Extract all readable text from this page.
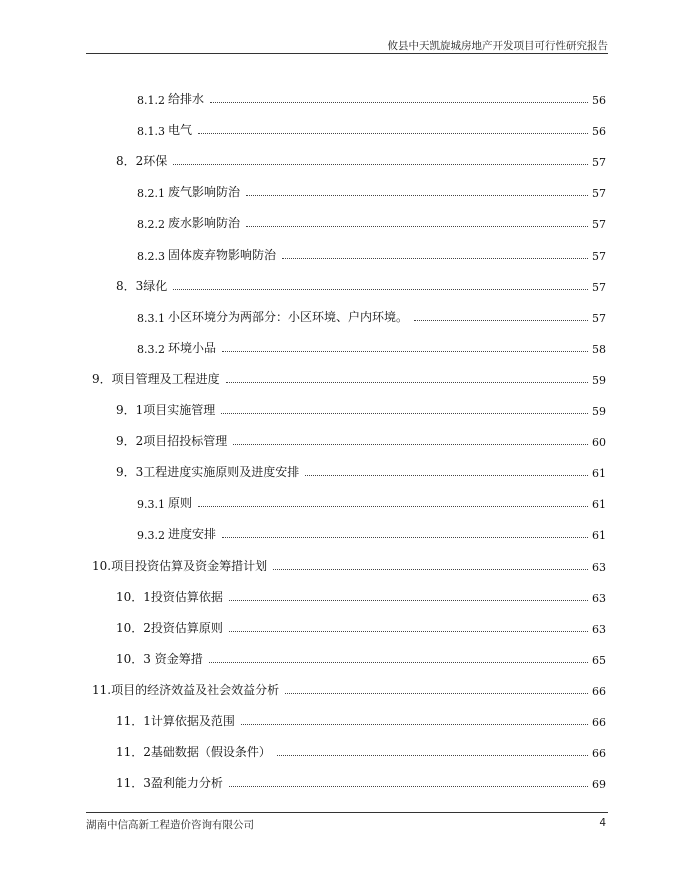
攸县中天凯旋城房地产开发项目可行性研究报告
8.1.2 给排水	56
8.1.3 电气	56
8．2环保	57
8.2.1 废气影响防治	57
8.2.2 废水影响防治	57
8.2.3 固体废弃物影响防治	57
8．3绿化	57
8.3.1 小区环境分为两部分：小区环境、户内环境。	57
8.3.2 环境小品	58
9．项目管理及工程进度	59
9．1项目实施管理	59
9．2项目招投标管理	60
9．3工程进度实施原则及进度安排	61
9.3.1 原则	61
9.3.2 进度安排	61
10.项目投资估算及资金筹措计划	63
10．1投资估算依据	63
10．2投资估算原则	63
10．3 资金筹措	65
11.项目的经济效益及社会效益分析	66
11．1计算依据及范围	66
11．2基础数据（假设条件）	66
11．3盈利能力分析	69
湖南中信高新工程造价咨询有限公司	4
